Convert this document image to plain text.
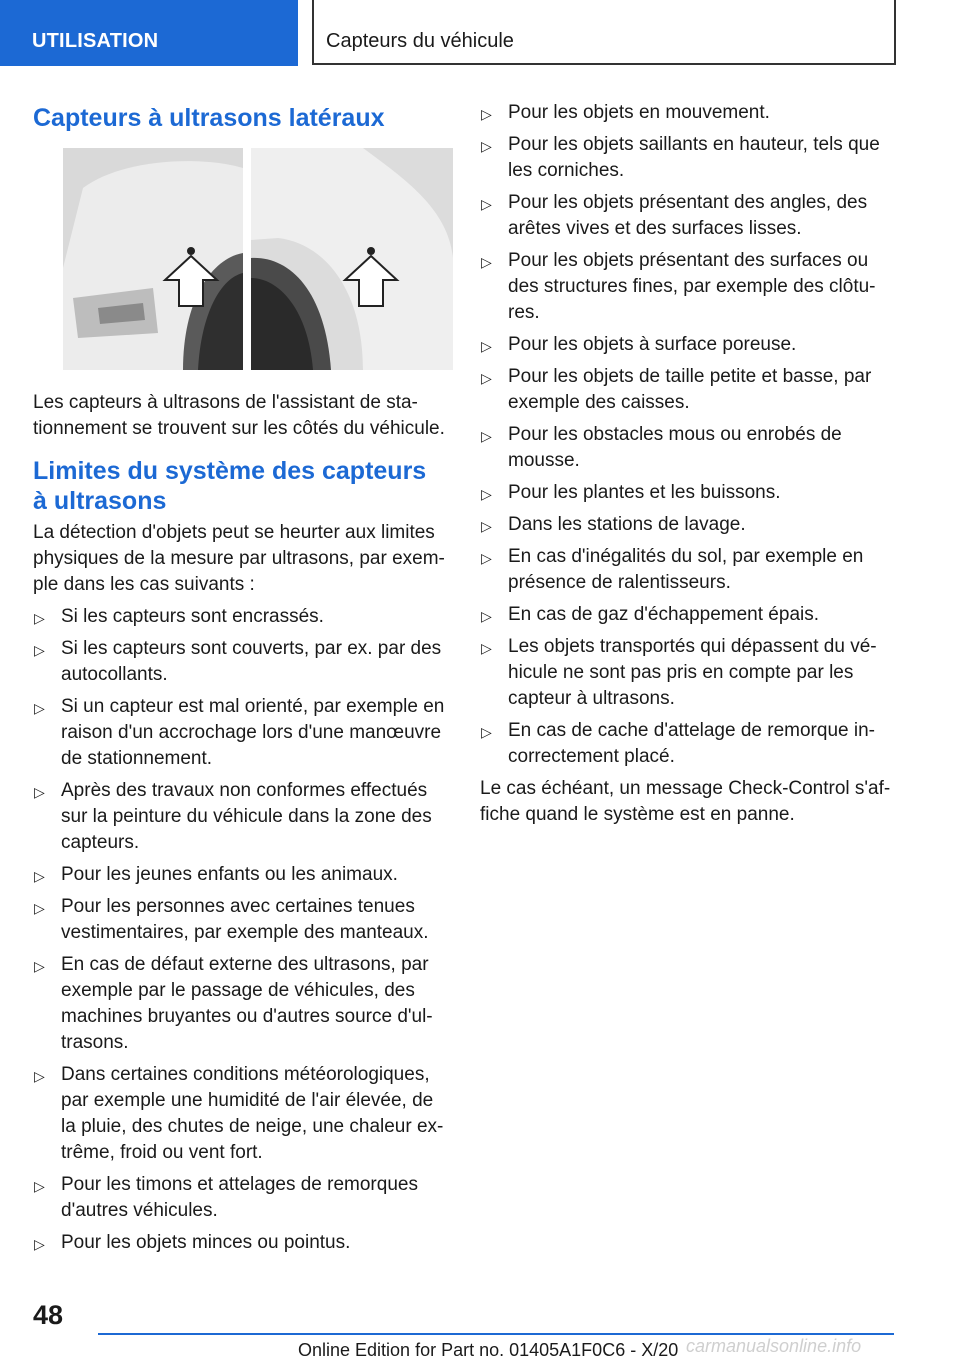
UTILISATION	Capteurs du véhicule
Capteurs à ultrasons latéraux

Les capteurs à ultrasons de l'assistant de sta-tionnement se trouvent sur les côtés du véhicule.

Limites du système des capteurs à ultrasons

La détection d'objets peut se heurter aux limites physiques de la mesure par ultrasons, par exem-ple dans les cas suivants :

▷ Si les capteurs sont encrassés.
▷ Si les capteurs sont couverts, par ex. par des autocollants.
▷ Si un capteur est mal orienté, par exemple en raison d'un accrochage lors d'une manœuvre de stationnement.
▷ Après des travaux non conformes effectués sur la peinture du véhicule dans la zone des capteurs.
▷ Pour les jeunes enfants ou les animaux.
▷ Pour les personnes avec certaines tenues vestimentaires, par exemple des manteaux.
▷ En cas de défaut externe des ultrasons, par exemple par le passage de véhicules, des machines bruyantes ou d'autres source d'ul-trasons.
▷ Dans certaines conditions météorologiques, par exemple une humidité de l'air élevée, de la pluie, des chutes de neige, une chaleur ex-trême, froid ou vent fort.
▷ Pour les timons et attelages de remorques d'autres véhicules.
▷ Pour les objets minces ou pointus.
▷ Pour les objets en mouvement.
▷ Pour les objets saillants en hauteur, tels que les corniches.
▷ Pour les objets présentant des angles, des arêtes vives et des surfaces lisses.
▷ Pour les objets présentant des surfaces ou des structures fines, par exemple des clôtu-res.
▷ Pour les objets à surface poreuse.
▷ Pour les objets de taille petite et basse, par exemple des caisses.
▷ Pour les obstacles mous ou enrobés de mousse.
▷ Pour les plantes et les buissons.
▷ Dans les stations de lavage.
▷ En cas d'inégalités du sol, par exemple en présence de ralentisseurs.
▷ En cas de gaz d'échappement épais.
▷ Les objets transportés qui dépassent du vé-hicule ne sont pas pris en compte par les capteur à ultrasons.
▷ En cas de cache d'attelage de remorque in-correctement placé.

Le cas échéant, un message Check-Control s'af-fiche quand le système est en panne.

48
Online Edition for Part no. 01405A1F0C6 - X/20 carmanualsonline.info
